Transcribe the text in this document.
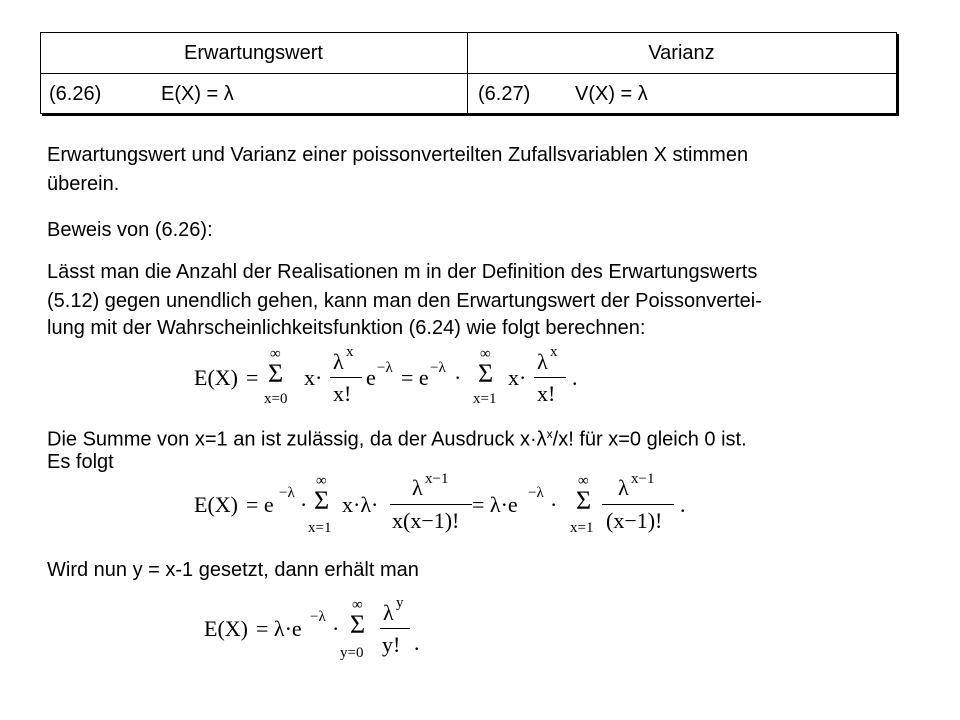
Erwartungswert	Varianz
(6.26)	E(X) = λ	(6.27) V(X) = λ
Erwartungswert und Varianz einer poissonverteilten Zufallsvariablen X stimmen
überein.
Beweis von (6.26):
Lässt man die Anzahl der Realisationen m in der Definition des Erwartungswerts
(5.12) gegen unendlich gehen, kann man den Erwartungswert der Poissonvertei-
lung mit der Wahrscheinlichkeitsfunktion (6.24) wie folgt berechnen:
E(X) =
∞
Σ
x=0
x·
λ x
x!
e −λ = e −λ ·
∞
Σ
x=1
x·
λ x
x!
.
Die Summe von x=1 an ist zulässig, da der Ausdruck $x\cdot\lambda^x/x$! für x=0 gleich 0 ist.
Es folgt
E(X) = e −λ ·
∞
Σ
x=1
x·λ·
λ x−1
x(x−1)!
= λ·e −λ ·
∞
Σ
x=1
λ x−1
(x−1)!
.
Wird nun y = x-1 gesetzt, dann erhält man
E(X) = λ·e −λ ·
∞
Σ
y=0
λ y
y! .
